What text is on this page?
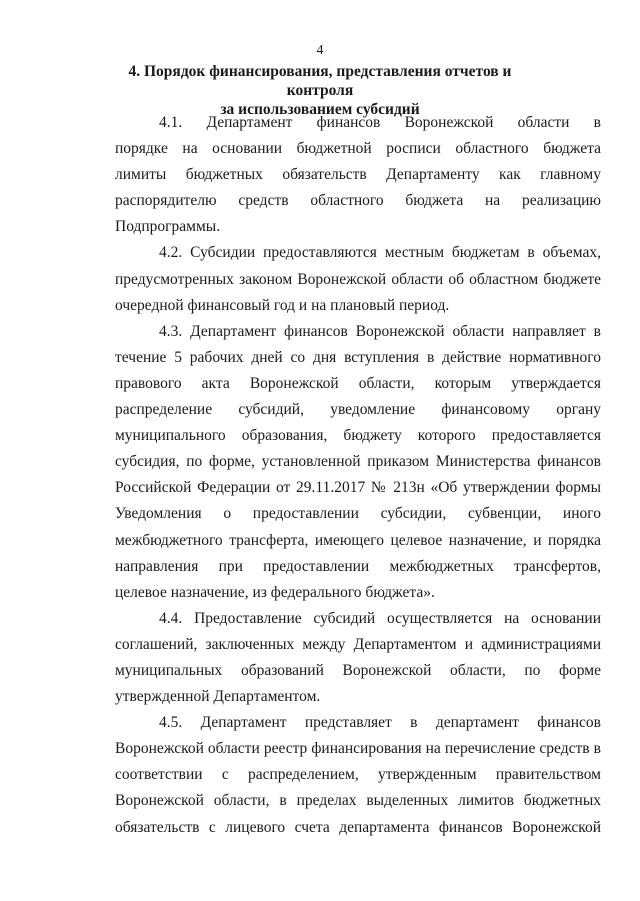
4
4. Порядок финансирования, представления отчетов и контроля
за использованием субсидий
4.1. Департамент финансов Воронежской области в
порядке на основании бюджетной росписи областного бюджета
лимиты бюджетных обязательств Департаменту как главному
распорядителю средств областного бюджета на реализацию
Подпрограммы.
4.2. Субсидии предоставляются местным бюджетам в объемах,
предусмотренных законом Воронежской области об областном бюджете
очередной финансовый год и на плановый период.
4.3. Департамент финансов Воронежской области направляет в
течение 5 рабочих дней со дня вступления в действие нормативного
правового акта Воронежской области, которым утверждается
распределение субсидий, уведомление финансовому органу
муниципального образования, бюджету которого предоставляется
субсидия, по форме, установленной приказом Министерства финансов
Российской Федерации от 29.11.2017 № 213н «Об утверждении формы
Уведомления о предоставлении субсидии, субвенции, иного
межбюджетного трансферта, имеющего целевое назначение, и порядка
направления при предоставлении межбюджетных трансфертов,
целевое назначение, из федерального бюджета».
4.4. Предоставление субсидий осуществляется на основании
соглашений, заключенных между Департаментом и администрациями
муниципальных образований Воронежской области, по форме
утвержденной Департаментом.
4.5. Департамент представляет в департамент финансов
Воронежской области реестр финансирования на перечисление средств в
соответствии с распределением, утвержденным правительством
Воронежской области, в пределах выделенных лимитов бюджетных
обязательств с лицевого счета департамента финансов Воронежской
